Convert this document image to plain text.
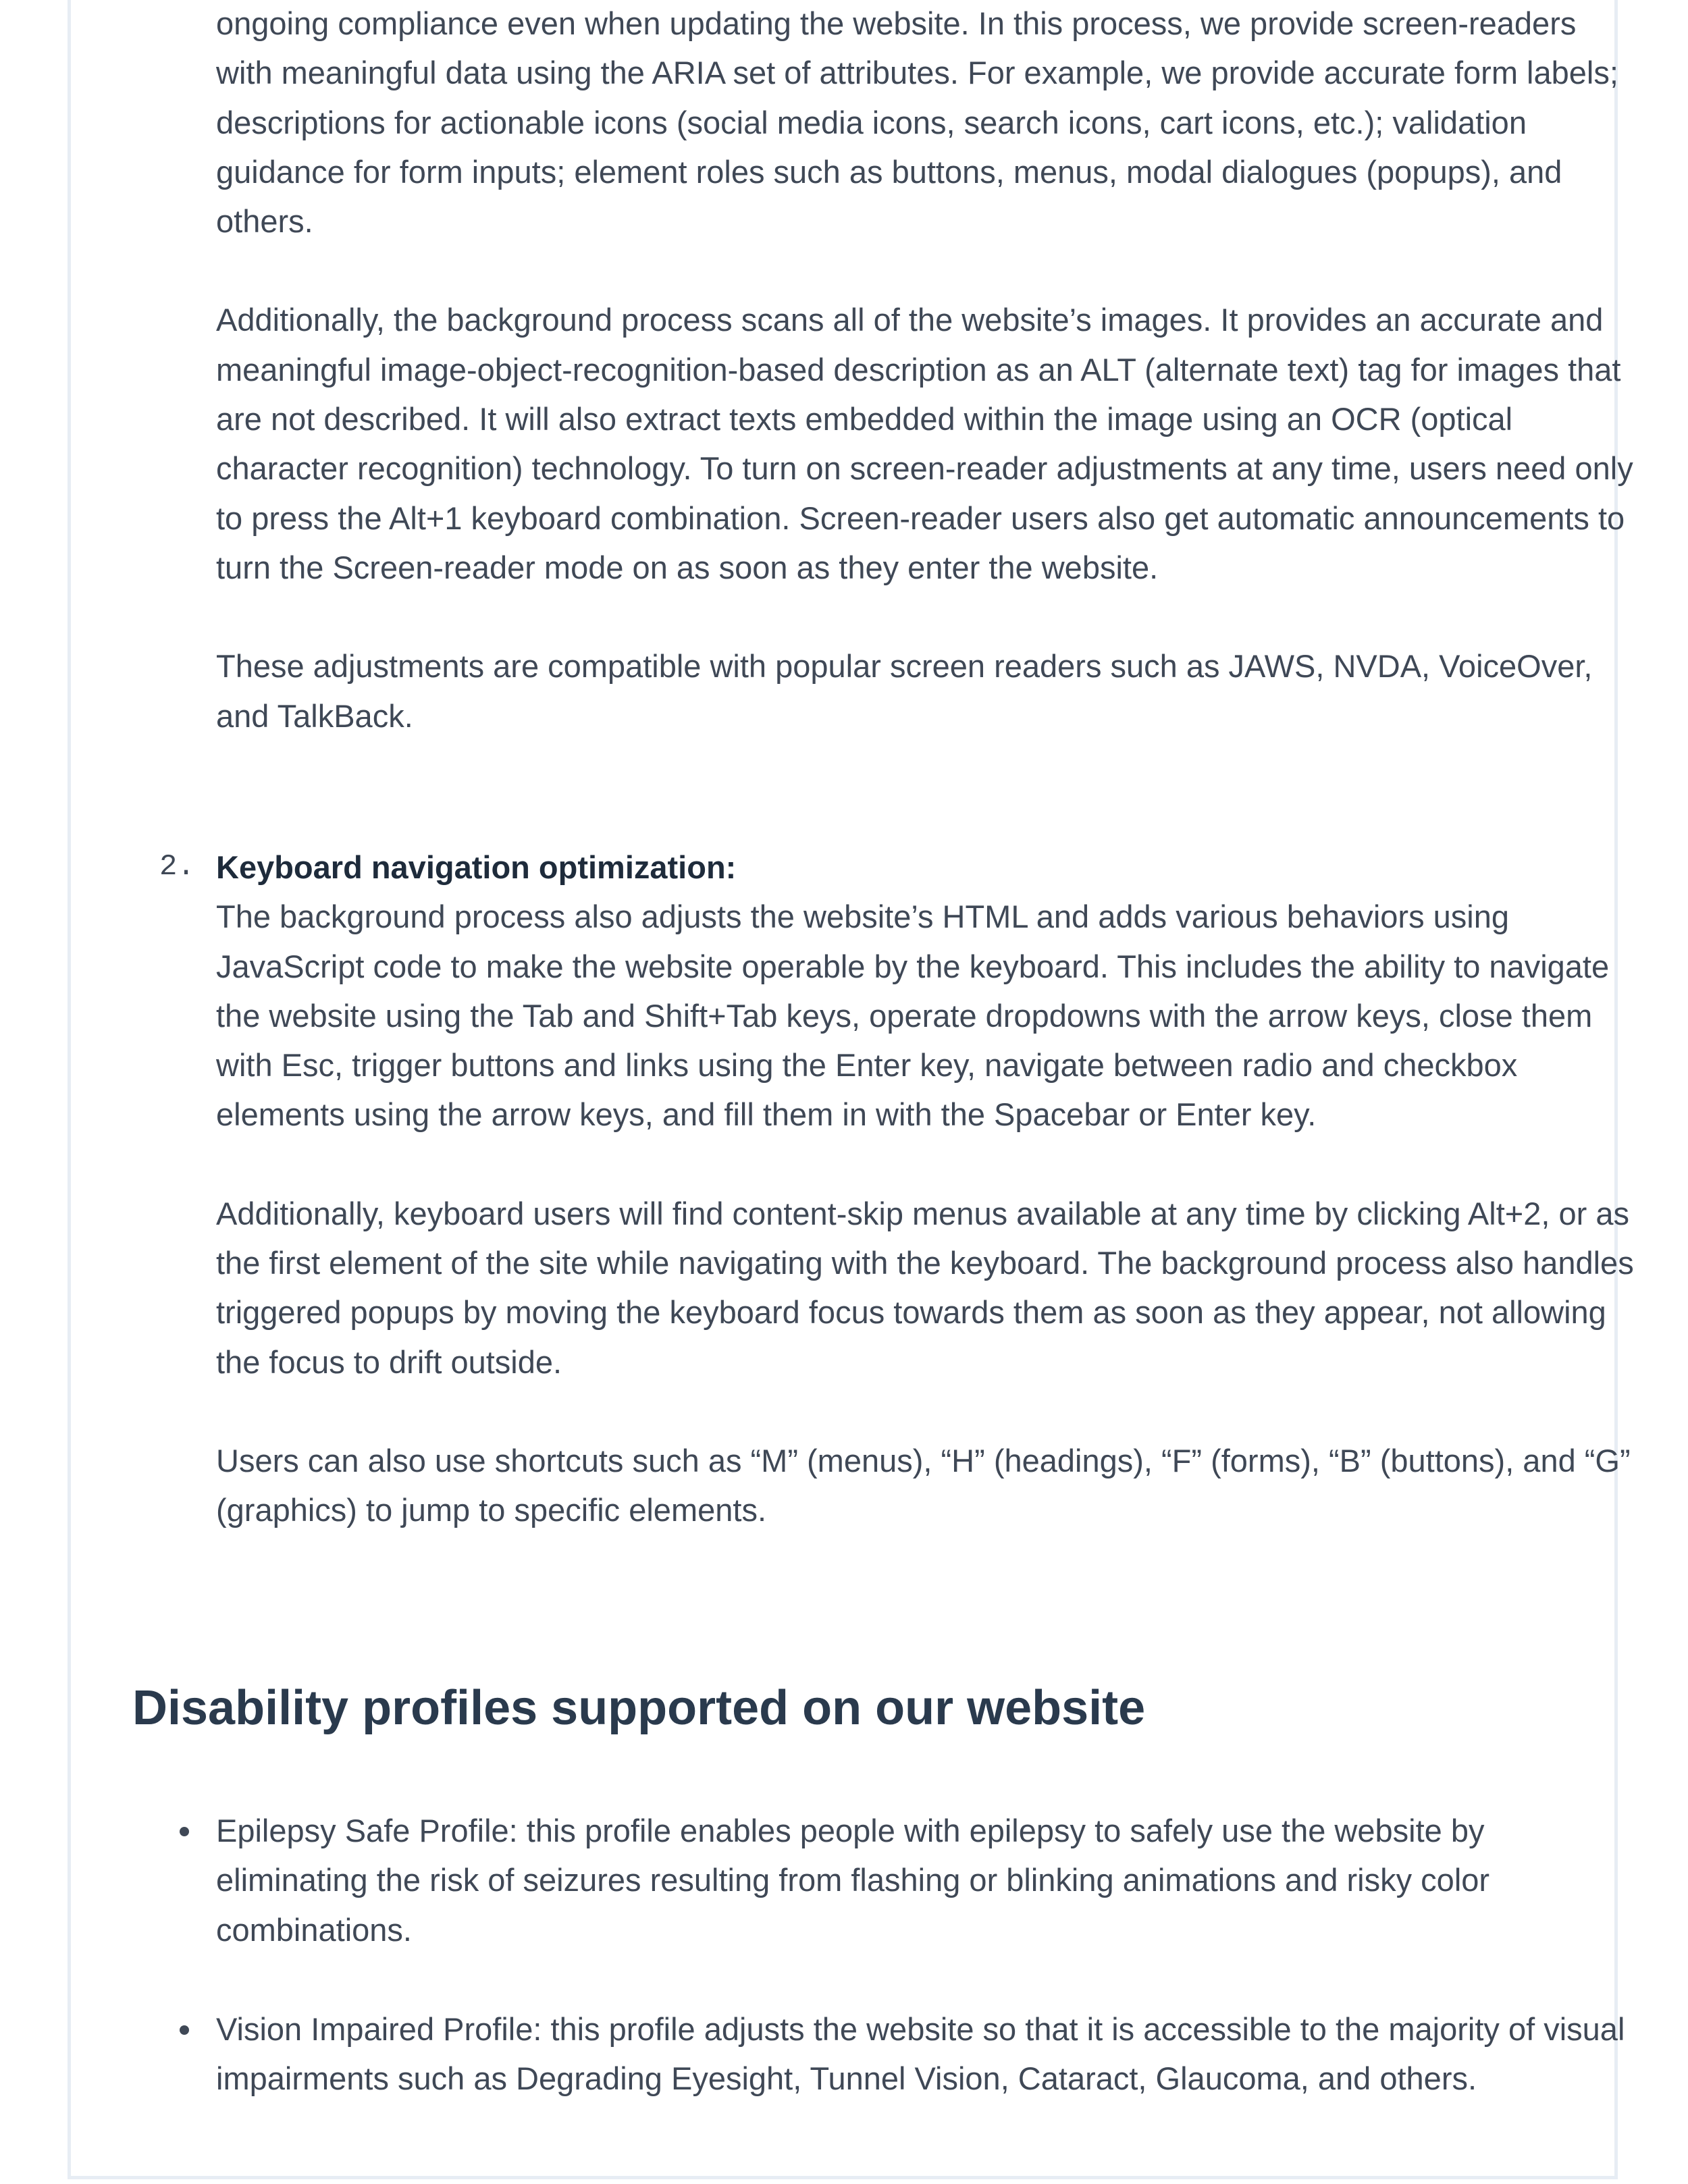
ongoing compliance even when updating the website. In this process, we provide screen-readers with meaningful data using the ARIA set of attributes. For example, we provide accurate form labels; descriptions for actionable icons (social media icons, search icons, cart icons, etc.); validation guidance for form inputs; element roles such as buttons, menus, modal dialogues (popups), and others.

Additionally, the background process scans all of the website’s images. It provides an accurate and meaningful image-object-recognition-based description as an ALT (alternate text) tag for images that are not described. It will also extract texts embedded within the image using an OCR (optical character recognition) technology. To turn on screen-reader adjustments at any time, users need only to press the Alt+1 keyboard combination. Screen-reader users also get automatic announcements to turn the Screen-reader mode on as soon as they enter the website.

These adjustments are compatible with popular screen readers such as JAWS, NVDA, VoiceOver, and TalkBack.

2. Keyboard navigation optimization:

The background process also adjusts the website’s HTML and adds various behaviors using JavaScript code to make the website operable by the keyboard. This includes the ability to navigate the website using the Tab and Shift+Tab keys, operate dropdowns with the arrow keys, close them with Esc, trigger buttons and links using the Enter key, navigate between radio and checkbox elements using the arrow keys, and fill them in with the Spacebar or Enter key.

Additionally, keyboard users will find content-skip menus available at any time by clicking Alt+2, or as the first element of the site while navigating with the keyboard. The background process also handles triggered popups by moving the keyboard focus towards them as soon as they appear, not allowing the focus to drift outside.

Users can also use shortcuts such as “M” (menus), “H” (headings), “F” (forms), “B” (buttons), and “G” (graphics) to jump to specific elements.

Disability profiles supported on our website

Epilepsy Safe Profile: this profile enables people with epilepsy to safely use the website by eliminating the risk of seizures resulting from flashing or blinking animations and risky color combinations.

Vision Impaired Profile: this profile adjusts the website so that it is accessible to the majority of visual impairments such as Degrading Eyesight, Tunnel Vision, Cataract, Glaucoma, and others.
